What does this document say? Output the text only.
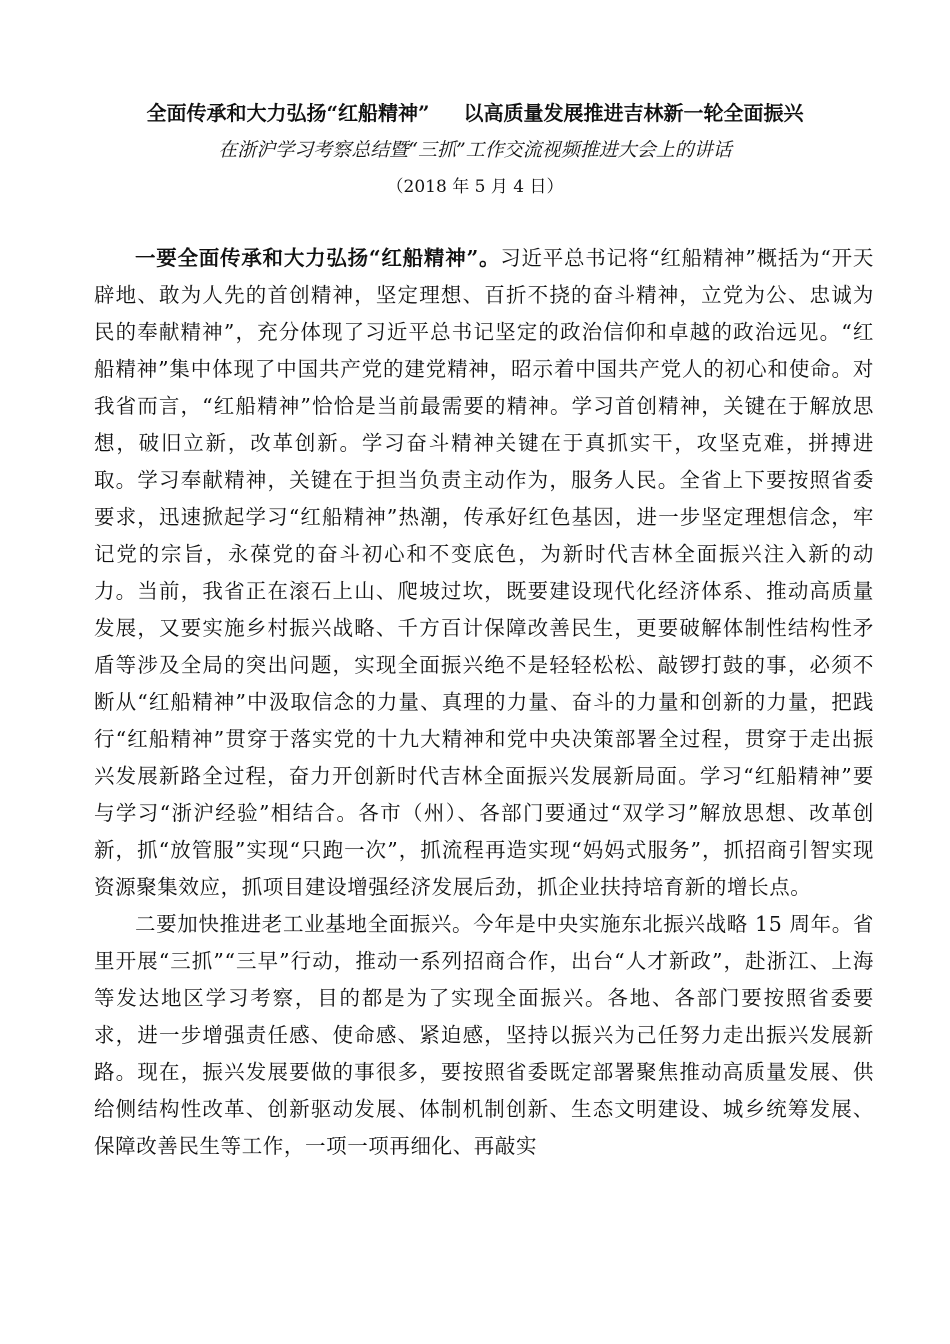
全面传承和大力弘扬“红船精神” 以高质量发展推进吉林新一轮全面振兴
在浙沪学习考察总结暨“三抓”工作交流视频推进大会上的讲话
（2018 年 5 月 4 日）

一要全面传承和大力弘扬“红船精神”。习近平总书记将“红船精神”概括为“开天辟地、敢为人先的首创精神，坚定理想、百折不挠的奋斗精神，立党为公、忠诚为民的奉献精神”，充分体现了习近平总书记坚定的政治信仰和卓越的政治远见。“红船精神”集中体现了中国共产党的建党精神，昭示着中国共产党人的初心和使命。对我省而言，“红船精神”恰恰是当前最需要的精神。学习首创精神，关键在于解放思想，破旧立新，改革创新。学习奋斗精神关键在于真抓实干，攻坚克难，拼搏进取。学习奉献精神，关键在于担当负责主动作为，服务人民。全省上下要按照省委要求，迅速掀起学习“红船精神”热潮，传承好红色基因，进一步坚定理想信念，牢记党的宗旨，永葆党的奋斗初心和不变底色，为新时代吉林全面振兴注入新的动力。当前，我省正在滚石上山、爬坡过坎，既要建设现代化经济体系、推动高质量发展，又要实施乡村振兴战略、千方百计保障改善民生，更要破解体制性结构性矛盾等涉及全局的突出问题，实现全面振兴绝不是轻轻松松、敲锣打鼓的事，必须不断从“红船精神”中汲取信念的力量、真理的力量、奋斗的力量和创新的力量，把践行“红船精神”贯穿于落实党的十九大精神和党中央决策部署全过程，贯穿于走出振兴发展新路全过程，奋力开创新时代吉林全面振兴发展新局面。学习“红船精神”要与学习“浙沪经验”相结合。各市（州）、各部门要通过“双学习”解放思想、改革创新，抓“放管服”实现“只跑一次”，抓流程再造实现“妈妈式服务”，抓招商引智实现资源聚集效应，抓项目建设增强经济发展后劲，抓企业扶持培育新的增长点。

二要加快推进老工业基地全面振兴。今年是中央实施东北振兴战略 15 周年。省里开展“三抓”“三早”行动，推动一系列招商合作，出台“人才新政”，赴浙江、上海等发达地区学习考察，目的都是为了实现全面振兴。各地、各部门要按照省委要求，进一步增强责任感、使命感、紧迫感，坚持以振兴为己任努力走出振兴发展新路。现在，振兴发展要做的事很多，要按照省委既定部署聚焦推动高质量发展、供给侧结构性改革、创新驱动发展、体制机制创新、生态文明建设、城乡统筹发展、保障改善民生等工作，一项一项再细化、再敲实
